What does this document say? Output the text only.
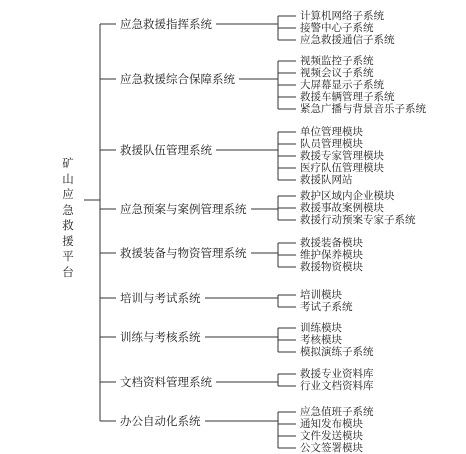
矿山应急救援平台
应急救援指挥系统
计算机网络子系统
接警中心子系统
应急救援通信子系统
应急救援综合保障系统
视频监控子系统
视频会议子系统
大屏幕显示子系统
救援车辆管理子系统
紧急广播与背景音乐子系统
救援队伍管理系统
单位管理模块
队员管理模块
救援专家管理模块
医疗队伍管理模块
救援队网站
应急预案与案例管理系统
救护区域内企业模块
救援事故案例模块
救援行动预案专家子系统
救援装备与物资管理系统
救援装备模块
维护保养模块
救援物资模块
培训与考试系统	培训模块
考试子系统
训练与考核系统
训练模块
考核模块
模拟演练子系统
文档资料管理系统
救援专业资料库
行业文档资料库
办公自动化系统
应急值班子系统
通知发布模块
文件发送模块
公文签署模块
